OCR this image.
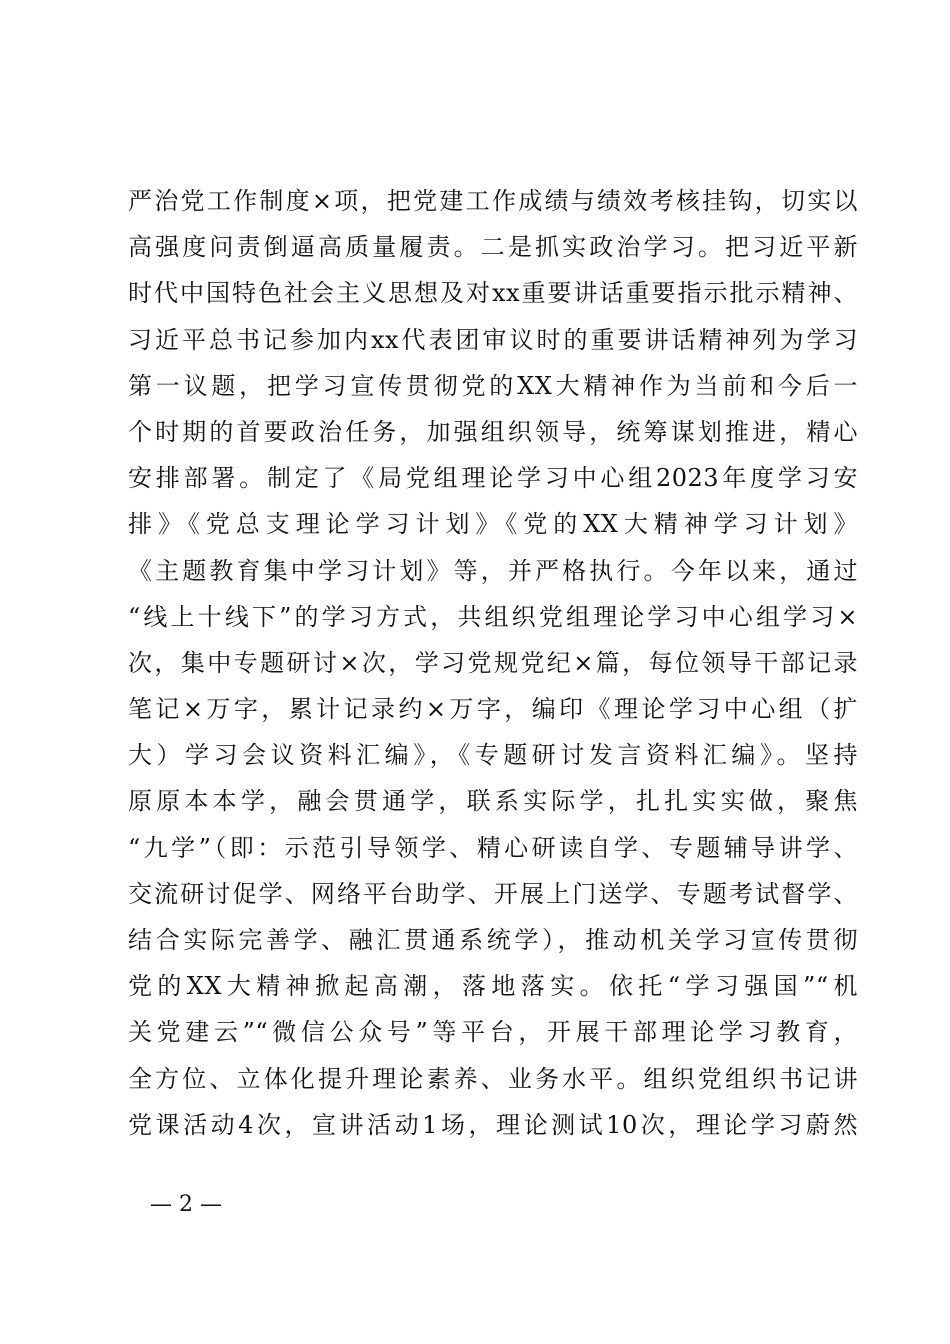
严治党工作制度×项，把党建工作成绩与绩效考核挂钩，切实以
高强度问责倒逼高质量履责。二是抓实政治学习。把习近平新
时代中国特色社会主义思想及对xx重要讲话重要指示批示精神、
习近平总书记参加内xx代表团审议时的重要讲话精神列为学习
第一议题，把学习宣传贯彻党的XX大精神作为当前和今后一
个时期的首要政治任务，加强组织领导，统筹谋划推进，精心
安排部署。制定了《局党组理论学习中心组2023年度学习安
排》《党总支理论学习计划》《党的XX大精神学习计划》
《主题教育集中学习计划》等，并严格执行。今年以来，通过
“线上十线下”的学习方式，共组织党组理论学习中心组学习×
次，集中专题研讨×次，学习党规党纪×篇，每位领导干部记录
笔记×万字，累计记录约×万字，编印《理论学习中心组（扩
大）学习会议资料汇编》，《专题研讨发言资料汇编》。坚持
原原本本学，融会贯通学，联系实际学，扎扎实实做，聚焦
“九学”（即：示范引导领学、精心研读自学、专题辅导讲学、
交流研讨促学、网络平台助学、开展上门送学、专题考试督学、
结合实际完善学、融汇贯通系统学），推动机关学习宣传贯彻
党的XX大精神掀起高潮，落地落实。依托“学习强国”“机
关党建云”“微信公众号”等平台，开展干部理论学习教育，
全方位、立体化提升理论素养、业务水平。组织党组织书记讲
党课活动4次，宣讲活动1场，理论测试10次，理论学习蔚然
— 2 —
